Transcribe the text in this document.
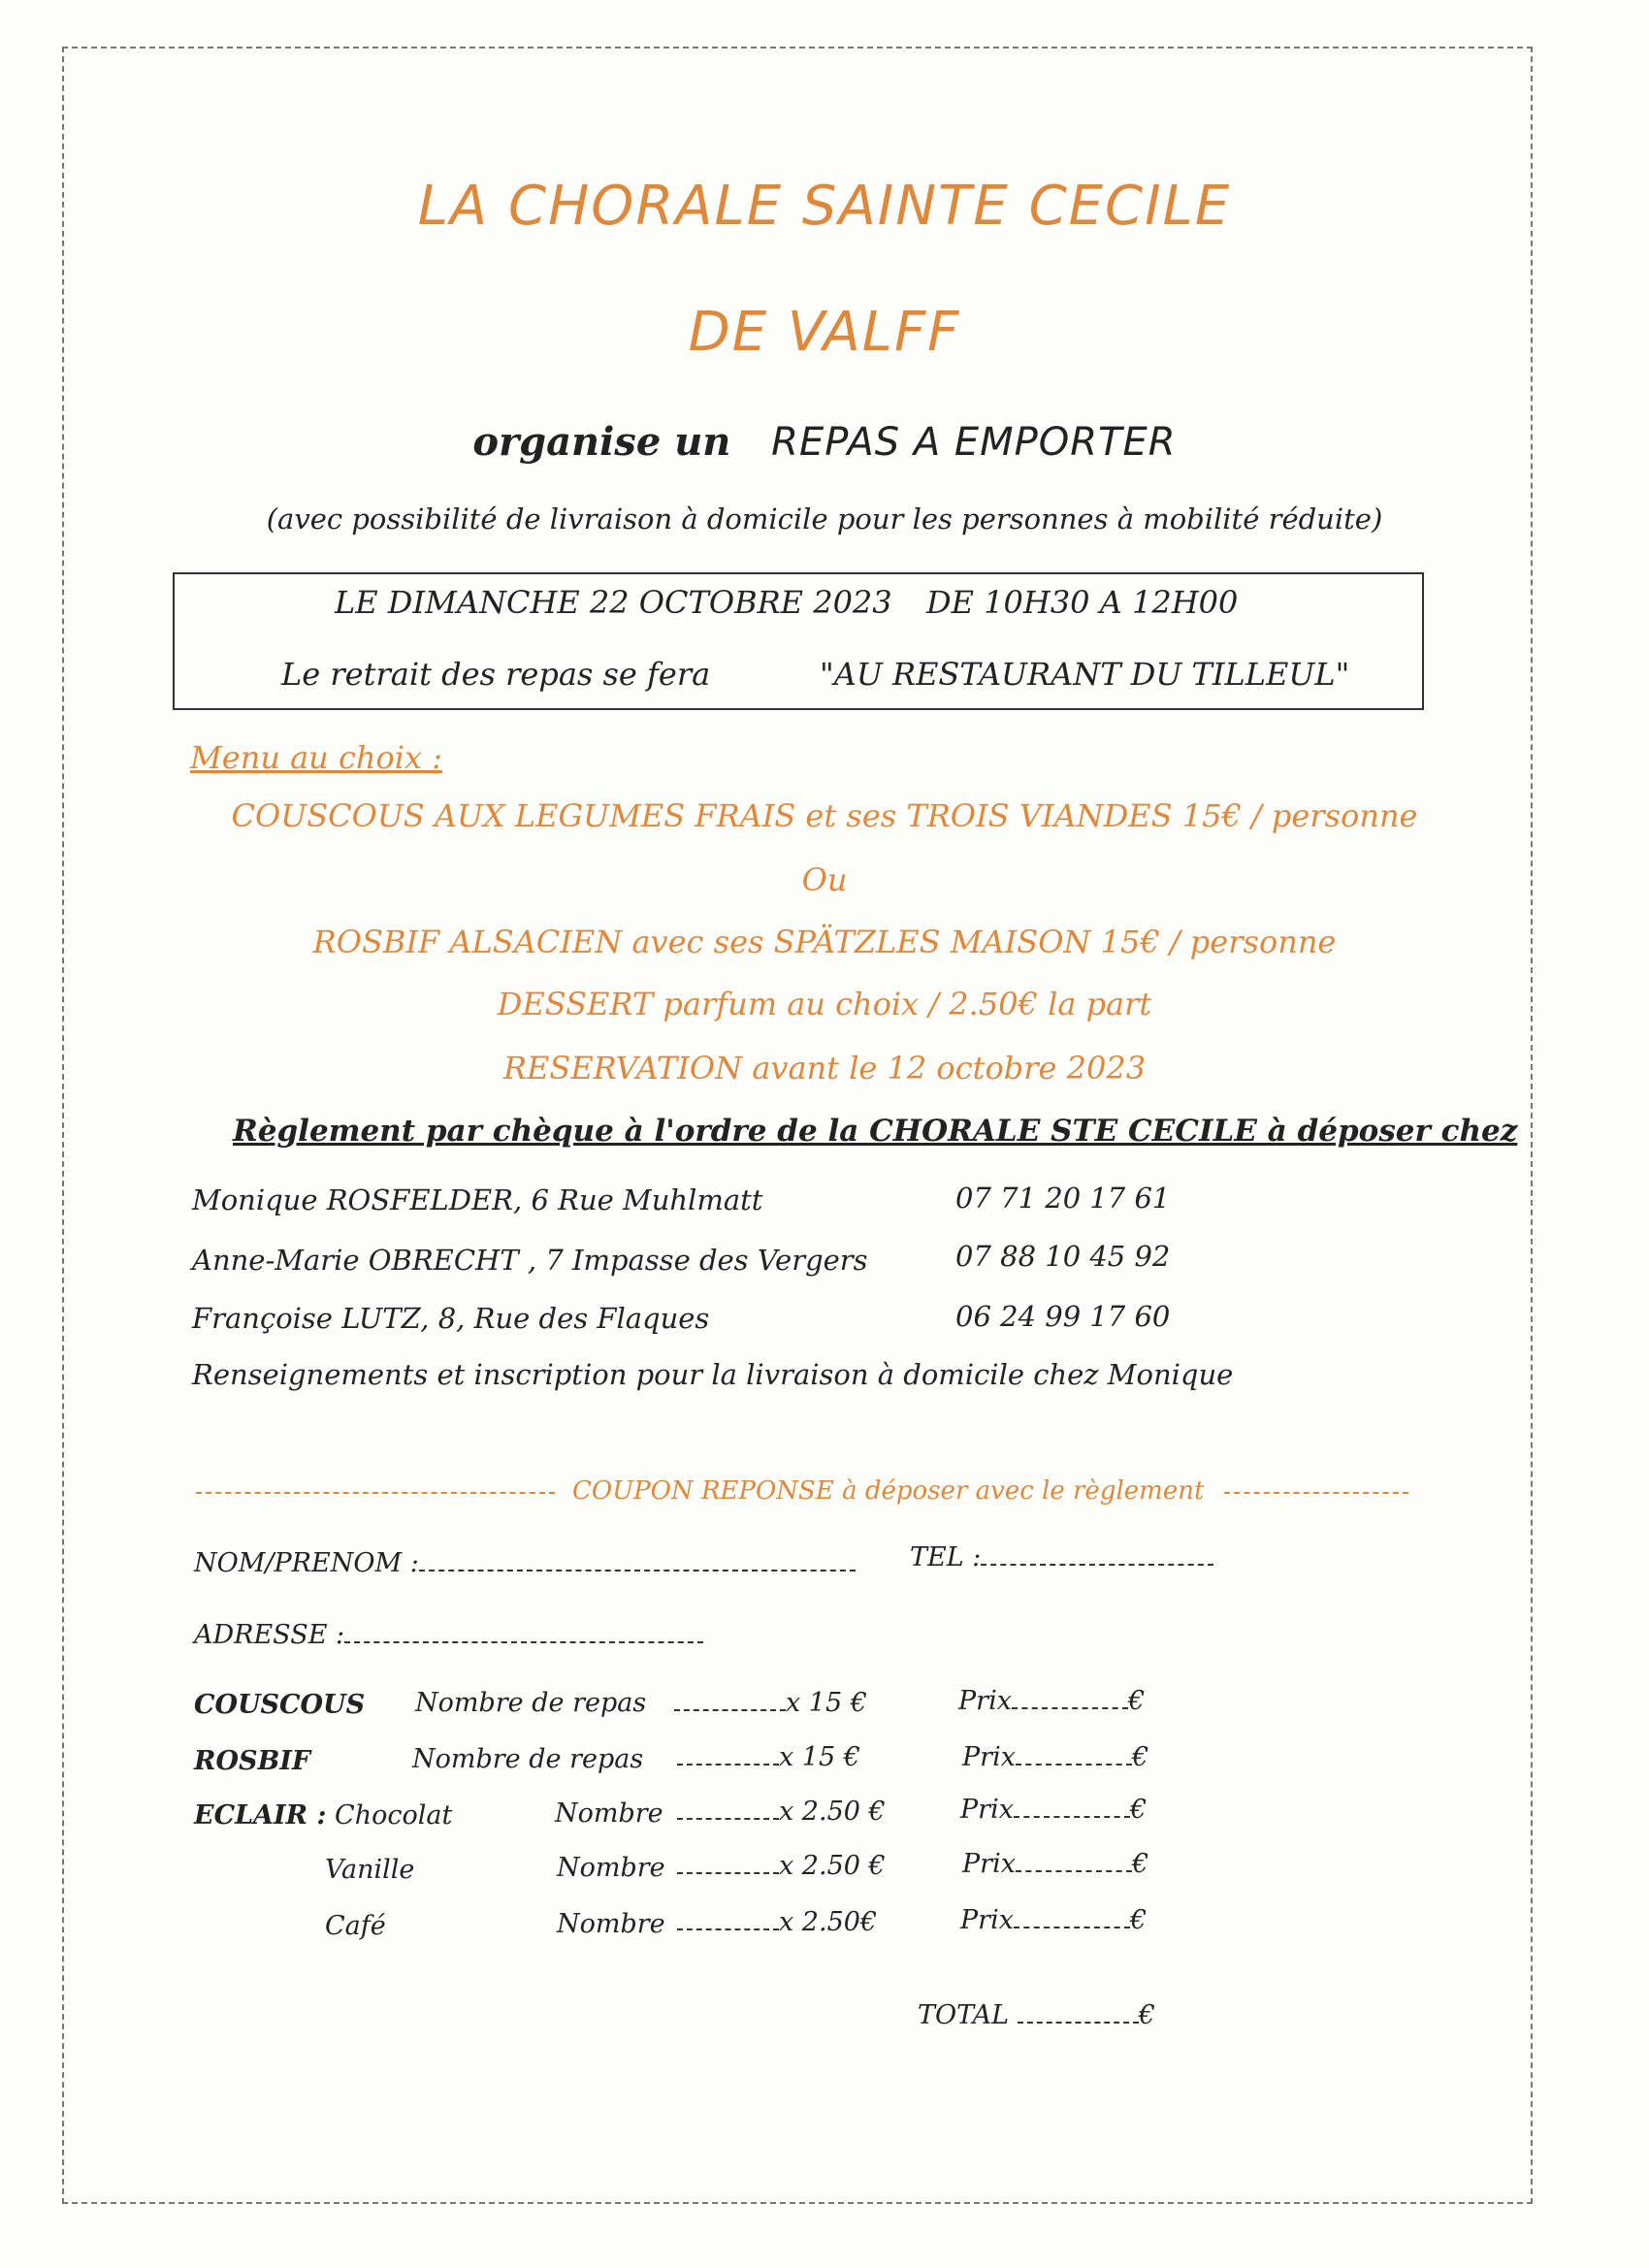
LA CHORALE SAINTE CECILE
DE VALFF
organise un REPAS A EMPORTER
(avec possibilité de livraison à domicile pour les personnes à mobilité réduite)
LE DIMANCHE 22 OCTOBRE 2023 DE 10H30 A 12H00
Le retrait des repas se fera	"AU RESTAURANT DU TILLEUL"
Menu au choix :
COUSCOUS AUX LEGUMES FRAIS et ses TROIS VIANDES 15€ / personne
Ou
ROSBIF ALSACIEN avec ses SPÄTZLES MAISON 15€ / personne
DESSERT parfum au choix / 2.50€ la part
RESERVATION avant le 12 octobre 2023
Règlement par chèque à l'ordre de la CHORALE STE CECILE à déposer chez
Monique ROSFELDER, 6 Rue Muhlmatt	07 71 20 17 61
Anne-Marie OBRECHT , 7 Impasse des Vergers	07 88 10 45 92
Françoise LUTZ, 8, Rue des Flaques	06 24 99 17 60
Renseignements et inscription pour la livraison à domicile chez Monique
COUPON REPONSE à déposer avec le règlement
NOM/PRENOM :	TEL :
ADRESSE :
COUSCOUS Nombre de repas	x 15 €	Prix	€
ROSBIF	Nombre de repas	x 15 €	Prix	€
ECLAIR : Chocolat	Nombre	x 2.50 €	Prix	€
Vanille	Nombre	x 2.50 €	Prix	€
Café	Nombre	x 2.50€	Prix	€
TOTAL	€
